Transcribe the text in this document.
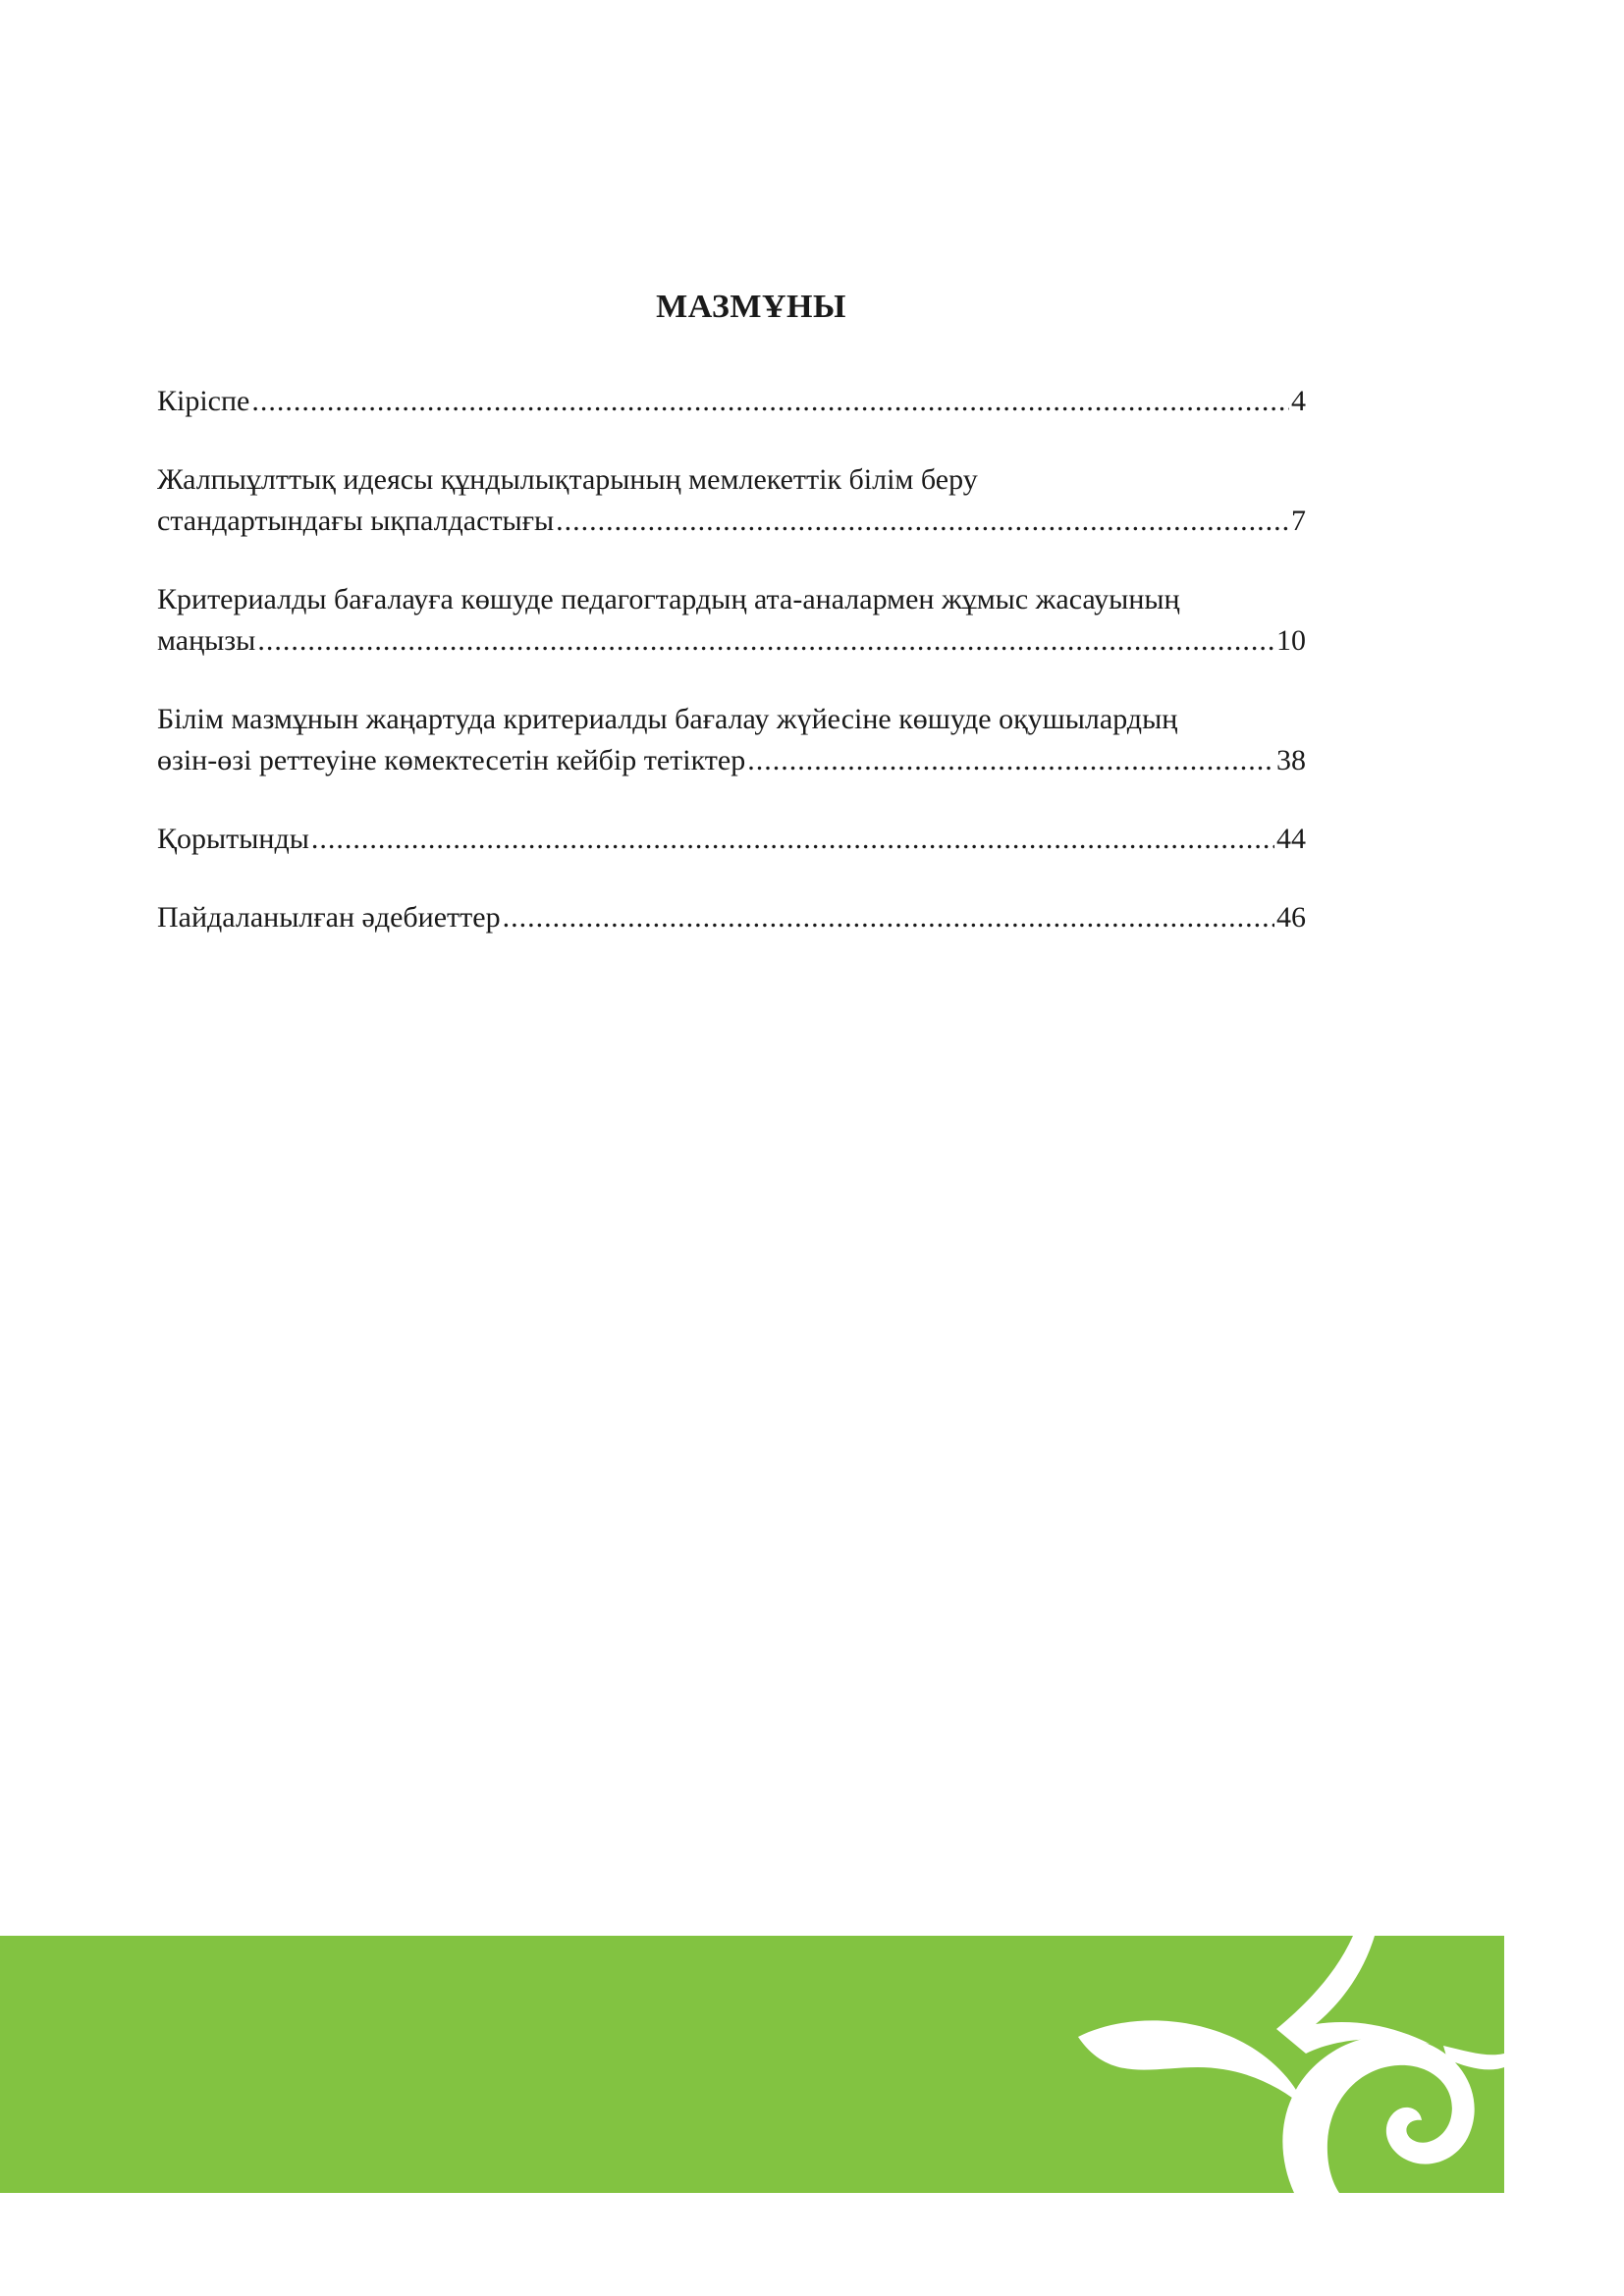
МАЗМҰНЫ
Кіріспе .....	4
Жалпыұлттық идеясы құндылықтарының мемлекеттік білім беру
стандартындағы ықпалдастығы .....	7
Критериалды бағалауға көшуде педагогтардың ата-аналармен жұмыс жасауының
маңызы .....	10
Білім мазмұнын жаңартуда критериалды бағалау жүйесіне көшуде оқушылардың
өзін-өзі реттеуіне көмектесетін кейбір тетіктер .....	38
Қорытынды .....	44
Пайдаланылған әдебиеттер .....	46
